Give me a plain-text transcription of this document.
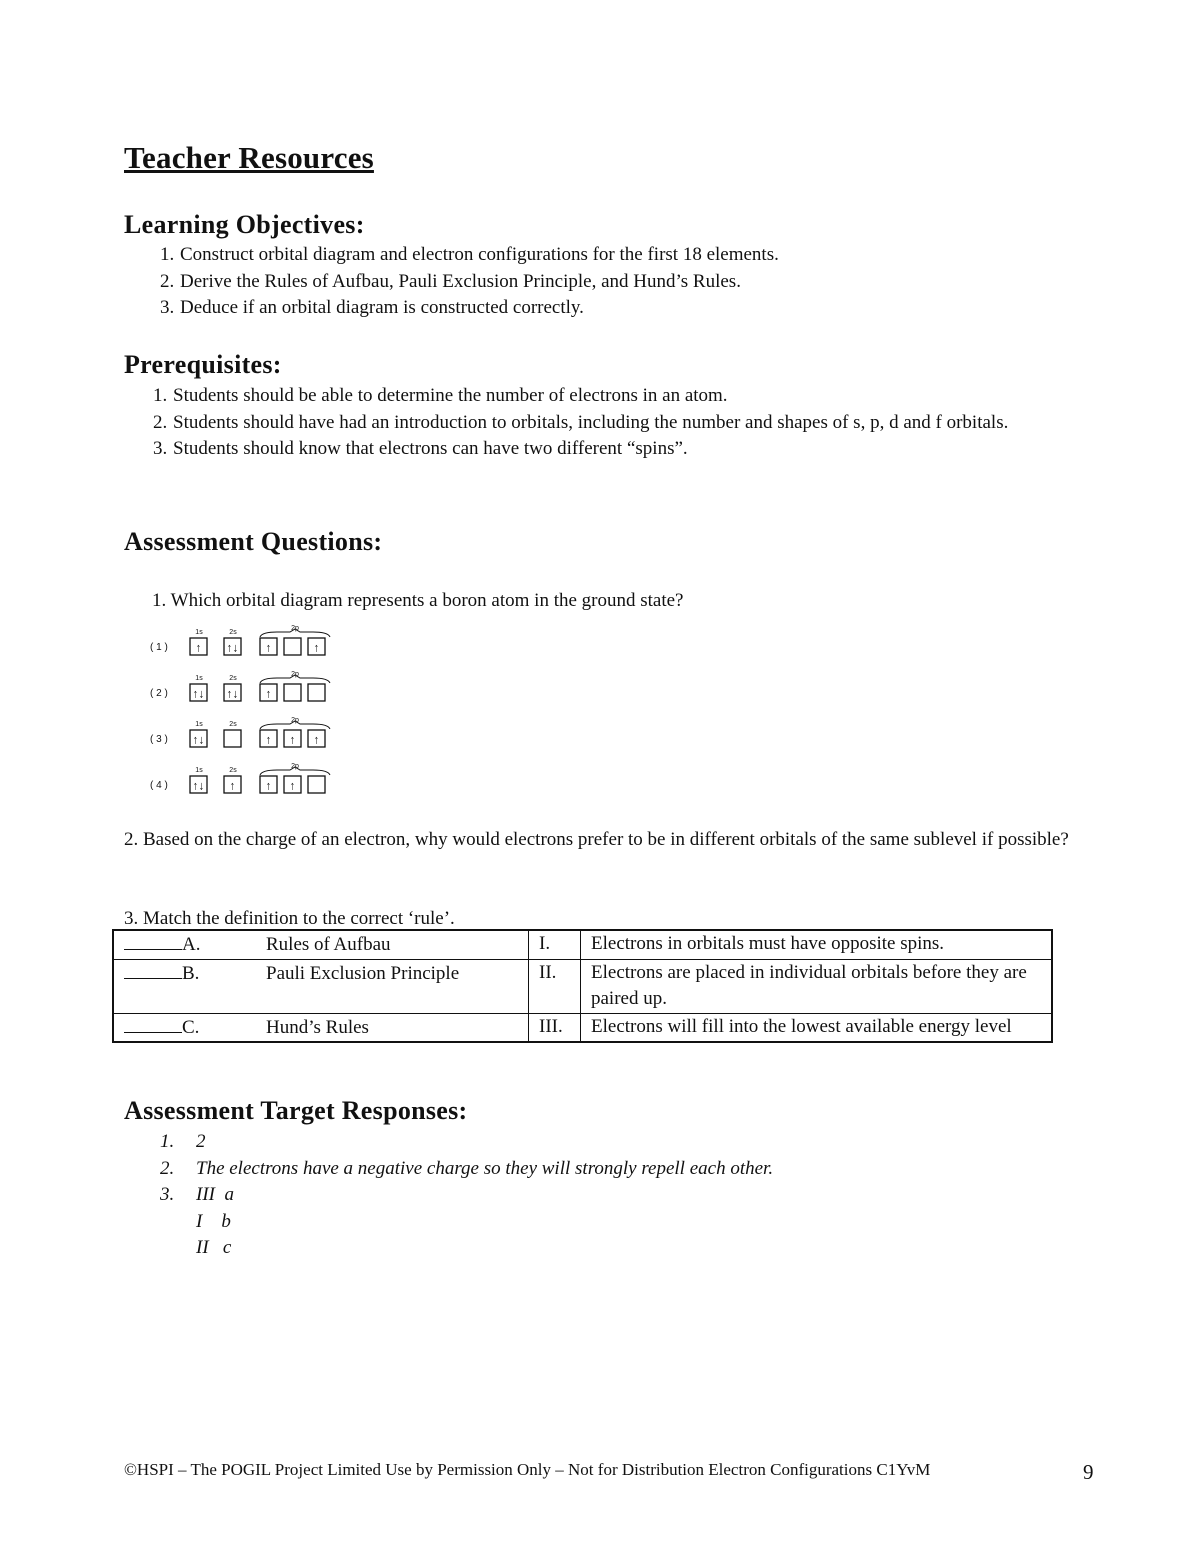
Teacher Resources
Learning Objectives:
1. Construct orbital diagram and electron configurations for the first 18 elements.
2. Derive the Rules of Aufbau, Pauli Exclusion Principle, and Hund’s Rules.
3. Deduce if an orbital diagram is constructed correctly.
Prerequisites:
1. Students should be able to determine the number of electrons in an atom.
2. Students should have had an introduction to orbitals, including the number and shapes of s, p, d and f orbitals.
3. Students should know that electrons can have two different “spins”.
Assessment Questions:
1. Which orbital diagram represents a boron atom in the ground state?
( 1 )
1s	2s
2p
↑ ↑↓ ↑	↑
( 2 )
1s	2s
2p
↑↓ ↑↓ ↑
( 3 )
1s	2s
2p
↑↓	↑ ↑ ↑
( 4 )
1s	2s
2p
↑↓ ↑	↑ ↑
2. Based on the charge of an electron, why would electrons prefer to be in different orbitals of the same sublevel if possible?
3. Match the definition to the correct ‘rule’.
A. Rules of Aufbau	I.	Electrons in orbitals must have opposite spins.
B. Pauli Exclusion Principle	II.	Electrons are placed in individual orbitals before they are paired up.
C. Hund’s Rules	III.	Electrons will fill into the lowest available energy level
Assessment Target Responses:
1. 2
2. The electrons have a negative charge so they will strongly repell each other.
3. III  a
I    b
II   c
©HSPI – The POGIL Project Limited Use by Permission Only – Not for Distribution Electron Configurations C1YvM	9
